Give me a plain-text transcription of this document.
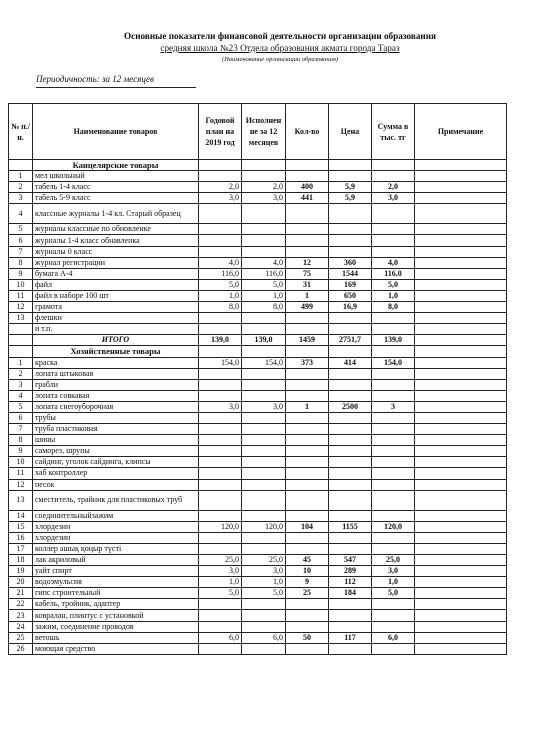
Основные показатели финансовой деятельности организации образования
средняя школа №23 Отдела образования акмата города Тараз
(Наименование организации образования)
Периодичность: за 12 месяцев
№ п./н.	Наименование товаров	Годовой план на 2019 год	Исполнен не за 12 месяцев	Кол-во	Цена	Сумма в тыс. тг	Примечание
	Канцелярские товары						
1	мел школьный						
2	табель 1-4 класс	2,0	2,0	400	5,9	2,0	
3	табель 5-9 класс	3,0	3,0	441	5,9	3,0	
4	классные журналы 1-4 кл. Старый образец						
5	журналы классные по обновленке						
6	журналы 1-4 класс обнавленка						
7	журналы 0 класс						
8	журнал регистрации	4,0	4,0	12	360	4,0	
9	бумага А-4	116,0	116,0	75	1544	116,0	
10	файл	5,0	5,0	31	169	5,0	
11	файл в наборе 100 шт	1,0	1,0	1	650	1,0	
12	грамота	8,0	8,0	499	16,9	8,0	
13	флешки						
	и т.п.						
	ИТОГО	139,0	139,0	1459	2751,7	139,0	
	Хозяйственные товары						
1	краска	154,0	154,0	373	414	154,0	
2	лопата штыковая						
3	грабли						
4	лопата совкавая						
5	лопата снегоуборочная	3,0	3,0	1	2500	3	
6	трубы						
7	труба пластиковая						
8	шины						
9	саморез, шрупы						
10	сайдинг, уголок сайдинга, клипсы						
11	хаб контроллер						
12	песок						
13	сместитель, трайник для пластиковых труб						
14	соединительныйзажим						
15	хлордезин	120,0	120,0	104	1155	120,0	
16	хлордезин						
17	коллер ашық қоңыр түсті						
18	лак акриловый	25,0	25,0	45	547	25,0	
19	уайт спирт	3,0	3,0	10	289	3,0	
20	водоэмульсия	1,0	1,0	9	112	1,0	
21	гипс строительный	5,0	5,0	25	184	5,0	
22	кабель, тройник, адаптер						
23	ковралан, плинтус с установкой						
24	зажим, соединение проводов						
25	ветошь	6,0	6,0	50	117	6,0	
26	моющая средство						
